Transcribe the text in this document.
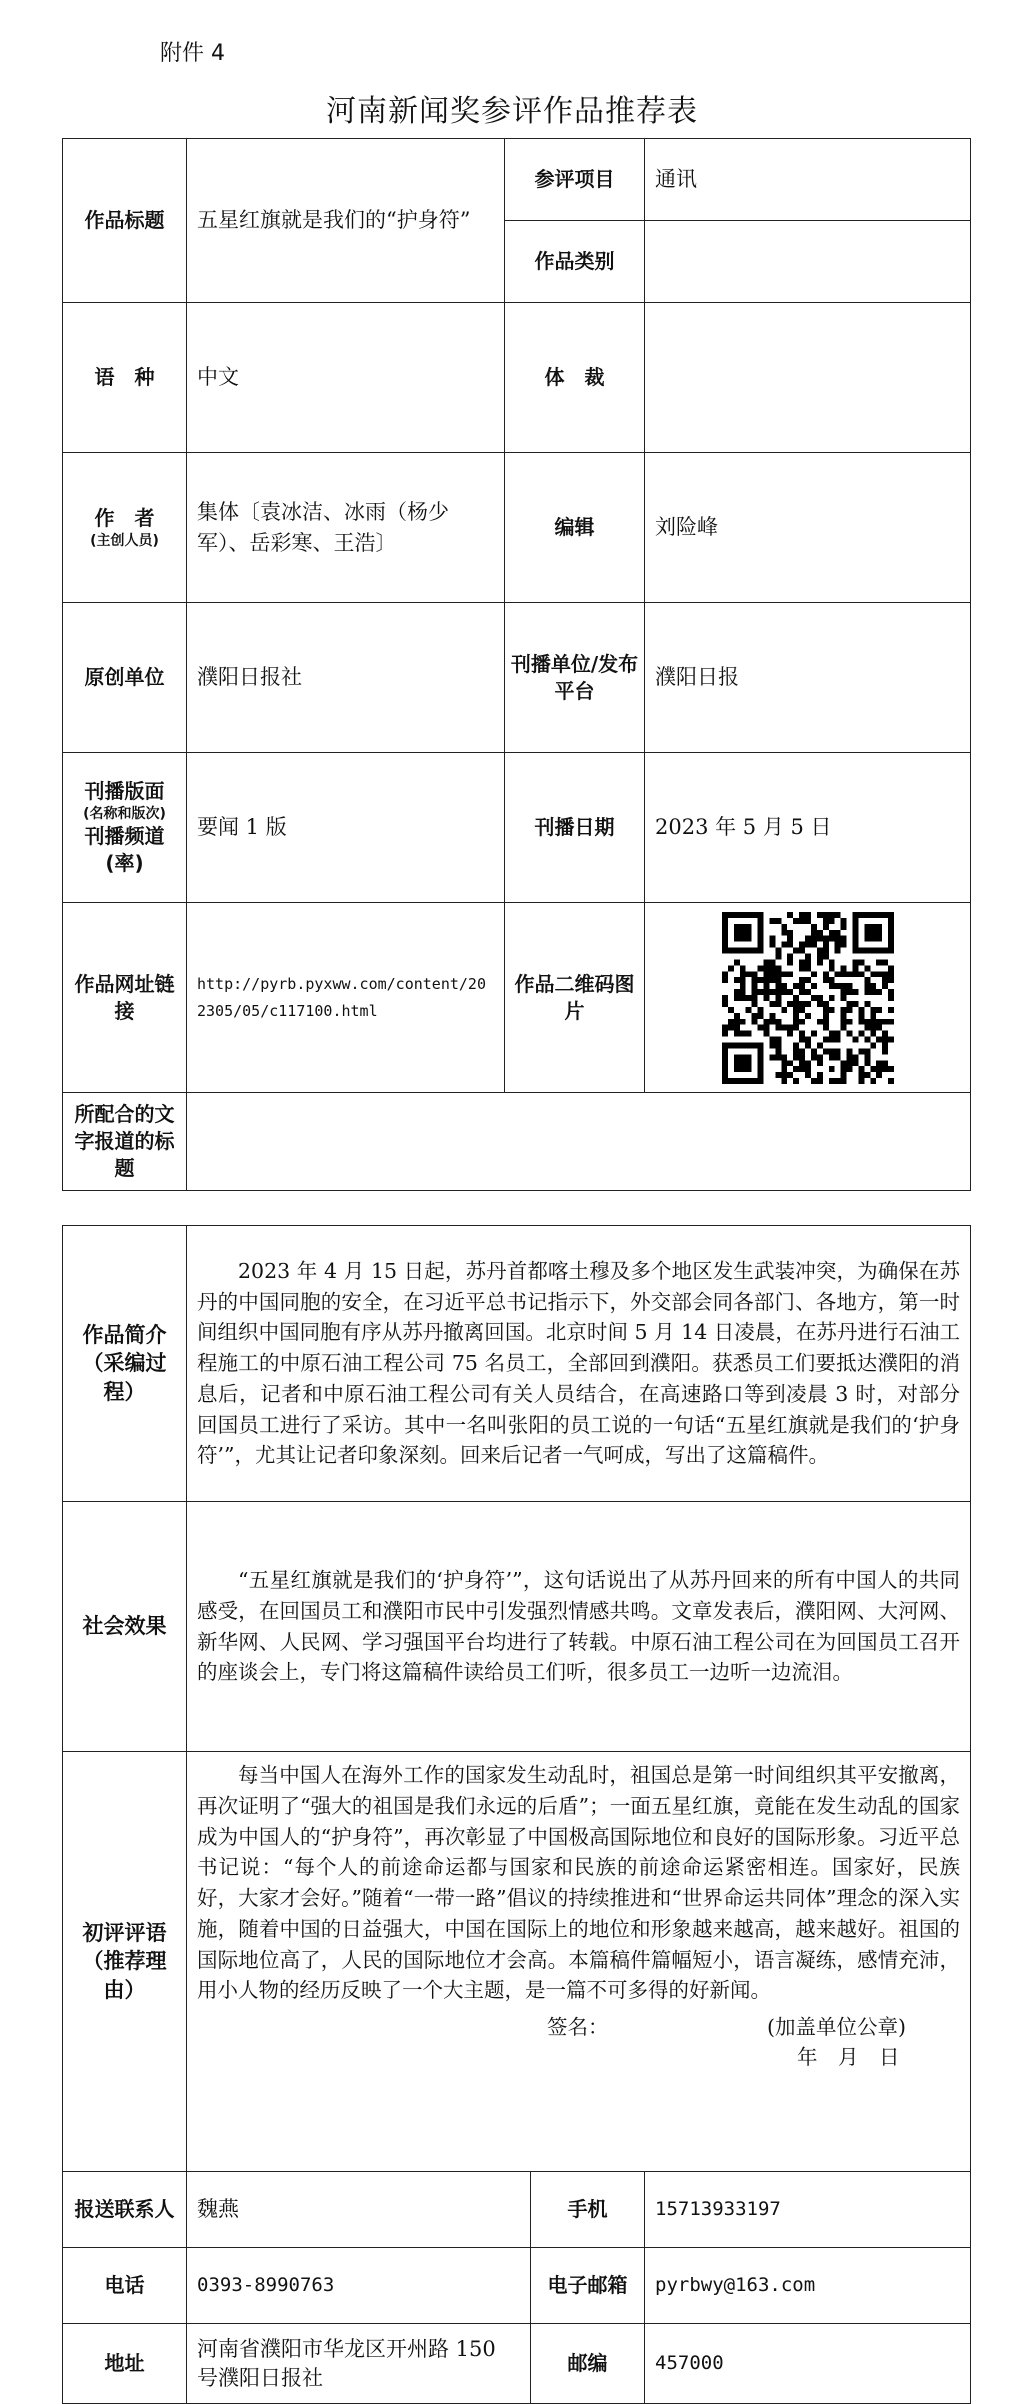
附件 4
河南新闻奖参评作品推荐表
作品标题	五星红旗就是我们的“护身符”	参评项目	通讯
		作品类别	
语　种	中文	体　裁	

作　者
(主创人员)	集体〔袁冰洁、冰雨（杨少军）、岳彩寒、王浩〕	编辑	刘险峰
原创单位	濮阳日报社	刊播单位/发布平台	濮阳日报

刊播版面
(名称和版次)
刊播频道(率)	要闻 1 版	刊播日期	2023 年 5 月 5 日
作品网址链接	http://pyrb.pyxww.com/content/202305/05/c117100.html	作品二维码图片	

所配合的文字报道的标题			
作品简介（采编过程）	2023 年 4 月 15 日起，苏丹首都喀土穆及多个地区发生武装冲突，为确保在苏丹的中国同胞的安全，在习近平总书记指示下，外交部会同各部门、各地方，第一时间组织中国同胞有序从苏丹撤离回国。北京时间 5 月 14 日凌晨，在苏丹进行石油工程施工的中原石油工程公司 75 名员工，全部回到濮阳。获悉员工们要抵达濮阳的消息后，记者和中原石油工程公司有关人员结合，在高速路口等到凌晨 3 时，对部分回国员工进行了采访。其中一名叫张阳的员工说的一句话“五星红旗就是我们的‘护身符’”，尤其让记者印象深刻。回来后记者一气呵成，写出了这篇稿件。		
社会效果	“五星红旗就是我们的‘护身符’”，这句话说出了从苏丹回来的所有中国人的共同感受，在回国员工和濮阳市民中引发强烈情感共鸣。文章发表后，濮阳网、大河网、新华网、人民网、学习强国平台均进行了转载。中原石油工程公司在为回国员工召开的座谈会上，专门将这篇稿件读给员工们听，很多员工一边听一边流泪。		
初评评语（推荐理由）	每当中国人在海外工作的国家发生动乱时，祖国总是第一时间组织其平安撤离，再次证明了“强大的祖国是我们永远的后盾”；一面五星红旗，竟能在发生动乱的国家成为中国人的“护身符”，再次彰显了中国极高国际地位和良好的国际形象。习近平总书记说：“每个人的前途命运都与国家和民族的前途命运紧密相连。国家好，民族好，大家才会好。”随着“一带一路”倡议的持续推进和“世界命运共同体”理念的深入实施，随着中国的日益强大，中国在国际上的地位和形象越来越高，越来越好。祖国的国际地位高了，人民的国际地位才会高。本篇稿件篇幅短小，语言凝练，感情充沛，用小人物的经历反映了一个大主题，是一篇不可多得的好新闻。
签名： (加盖单位公章)
年　月　日		

报送联系人	魏燕	手机	15713933197
电话	0393-8990763	电子邮箱	pyrbwy@163.com
地址	河南省濮阳市华龙区开州路 150 号濮阳日报社	邮编	457000
